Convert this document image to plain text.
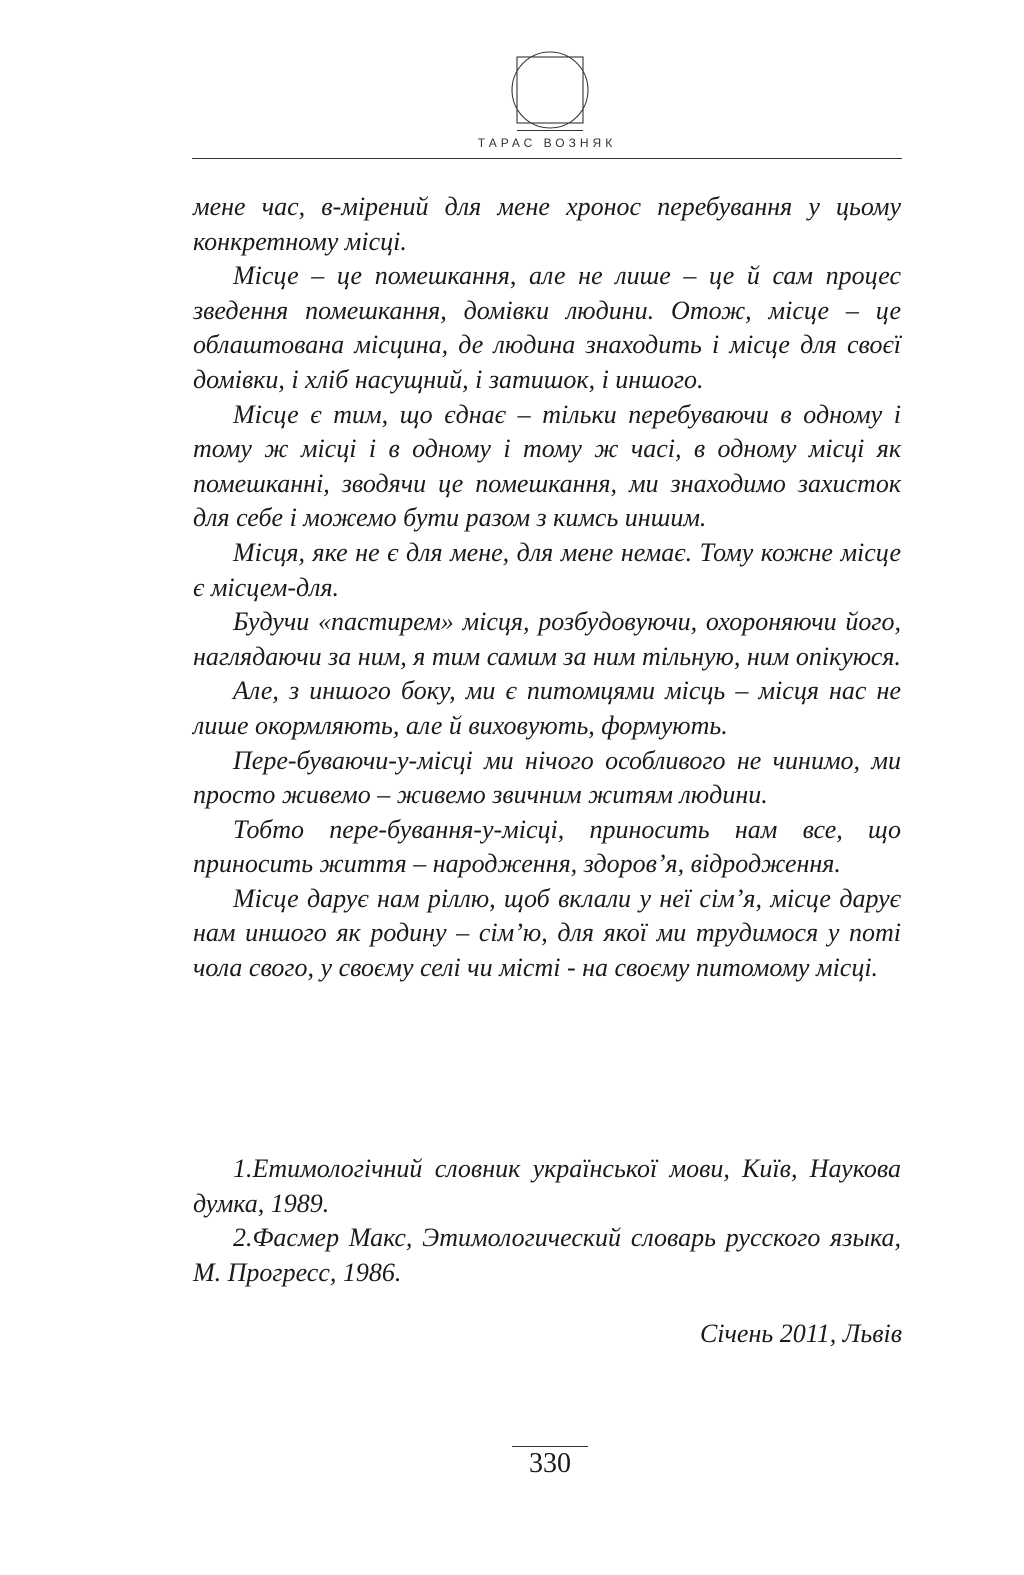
ТАРАС ВОЗНЯК

мене час, в-мірений для мене хронос перебування у цьому конкретному місці.

Місце – це помешкання, але не лише – це й сам процес зведення помешкання, домівки людини. Отож, місце – це облаштована місцина, де людина знаходить і місце для своєї домівки, і хліб насущний, і затишок, і иншого.

Місце є тим, що єднає – тільки перебуваючи в одному і тому ж місці і в одному і тому ж часі, в одному місці як помешканні, зводячи це помешкання, ми знаходимо захисток для себе і можемо бути разом з кимсь иншим.

Місця, яке не є для мене, для мене немає. Тому кожне місце є місцем-для.

Будучи «пастирем» місця, розбудовуючи, охороняючи його, наглядаючи за ним, я тим самим за ним тільную, ним опікуюся.

Але, з иншого боку, ми є питомцями місць – місця нас не лише окормляють, але й виховують, формують.

Пере-буваючи-у-місці ми нічого особливого не чинимо, ми просто живемо – живемо звичним житям людини.

Тобто пере-бування-у-місці, приносить нам все, що приносить життя – народження, здоров’я, відродження.

Місце дарує нам ріллю, щоб вклали у неї сім’я, місце дарує нам иншого як родину – сім’ю, для якої ми трудимося у поті чола свого, у своєму селі чи місті - на своєму питомому місці.

1.Етимологічний словник української мови, Київ, Наукова думка, 1989.

2.Фасмер Макс, Этимологический словарь русского языка, М. Прогресс, 1986.

Січень 2011, Львів
330
